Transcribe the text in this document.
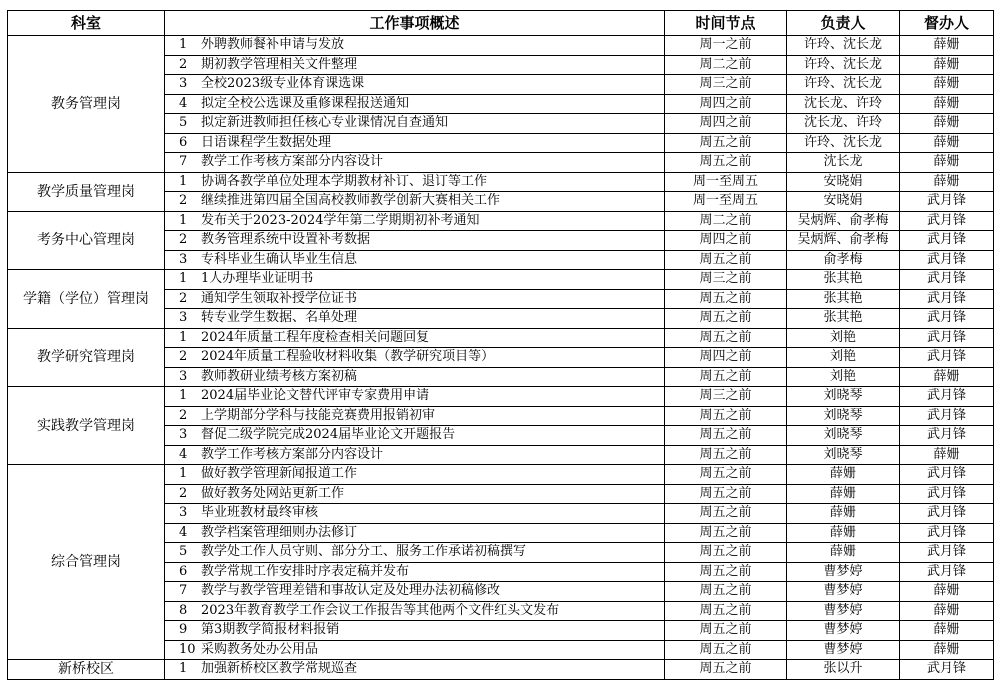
科室	工作事项概述	时间节点	负责人	督办人
教务管理岗	1 外聘教师餐补申请与发放	周一之前	许玲、沈长龙	薛姗
	2 期初教学管理相关文件整理	周二之前	许玲、沈长龙	薛姗
	3 全校2023级专业体育课选课	周三之前	许玲、沈长龙	薛姗
	4 拟定全校公选课及重修课程报送通知	周四之前	沈长龙、许玲	薛姗
	5 拟定新进教师担任核心专业课情况自查通知	周四之前	沈长龙、许玲	薛姗
	6 日语课程学生数据处理	周五之前	许玲、沈长龙	薛姗
	7 教学工作考核方案部分内容设计	周五之前	沈长龙	薛姗
教学质量管理岗	1 协调各教学单位处理本学期教材补订、退订等工作	周一至周五	安晓娟	薛姗
	2 继续推进第四届全国高校教师教学创新大赛相关工作	周一至周五	安晓娟	武月锋
考务中心管理岗	1 发布关于2023-2024学年第二学期期初补考通知	周二之前	吴炳辉、俞孝梅	武月锋
	2 教务管理系统中设置补考数据	周四之前	吴炳辉、俞孝梅	武月锋
	3 专科毕业生确认毕业生信息	周五之前	俞孝梅	武月锋
学籍（学位）管理岗	1 1人办理毕业证明书	周三之前	张其艳	武月锋
	2 通知学生领取补授学位证书	周五之前	张其艳	武月锋
	3 转专业学生数据、名单处理	周五之前	张其艳	武月锋
教学研究管理岗	1 2024年质量工程年度检查相关问题回复	周五之前	刘艳	武月锋
	2 2024年质量工程验收材料收集（教学研究项目等）	周四之前	刘艳	武月锋
	3 教师教研业绩考核方案初稿	周五之前	刘艳	薛姗
实践教学管理岗	1 2024届毕业论文替代评审专家费用申请	周三之前	刘晓琴	武月锋
	2 上学期部分学科与技能竞赛费用报销初审	周五之前	刘晓琴	武月锋
	3 督促二级学院完成2024届毕业论文开题报告	周五之前	刘晓琴	武月锋
	4 教学工作考核方案部分内容设计	周五之前	刘晓琴	薛姗
综合管理岗	1 做好教学管理新闻报道工作	周五之前	薛姗	武月锋
	2 做好教务处网站更新工作	周五之前	薛姗	武月锋
	3 毕业班教材最终审核	周五之前	薛姗	武月锋
	4 教学档案管理细则办法修订	周五之前	薛姗	武月锋
	5 教学处工作人员守则、部分分工、服务工作承诺初稿撰写	周五之前	薛姗	武月锋
	6 教学常规工作安排时序表定稿并发布	周五之前	曹梦婷	武月锋
	7 教学与教学管理差错和事故认定及处理办法初稿修改	周五之前	曹梦婷	薛姗
	8 2023年教育教学工作会议工作报告等其他两个文件红头文发布	周五之前	曹梦婷	薛姗
	9 第3期教学简报材料报销	周五之前	曹梦婷	薛姗
	10 采购教务处办公用品	周五之前	曹梦婷	薛姗
新桥校区	1 加强新桥校区教学常规巡查	周五之前	张以升	武月锋
